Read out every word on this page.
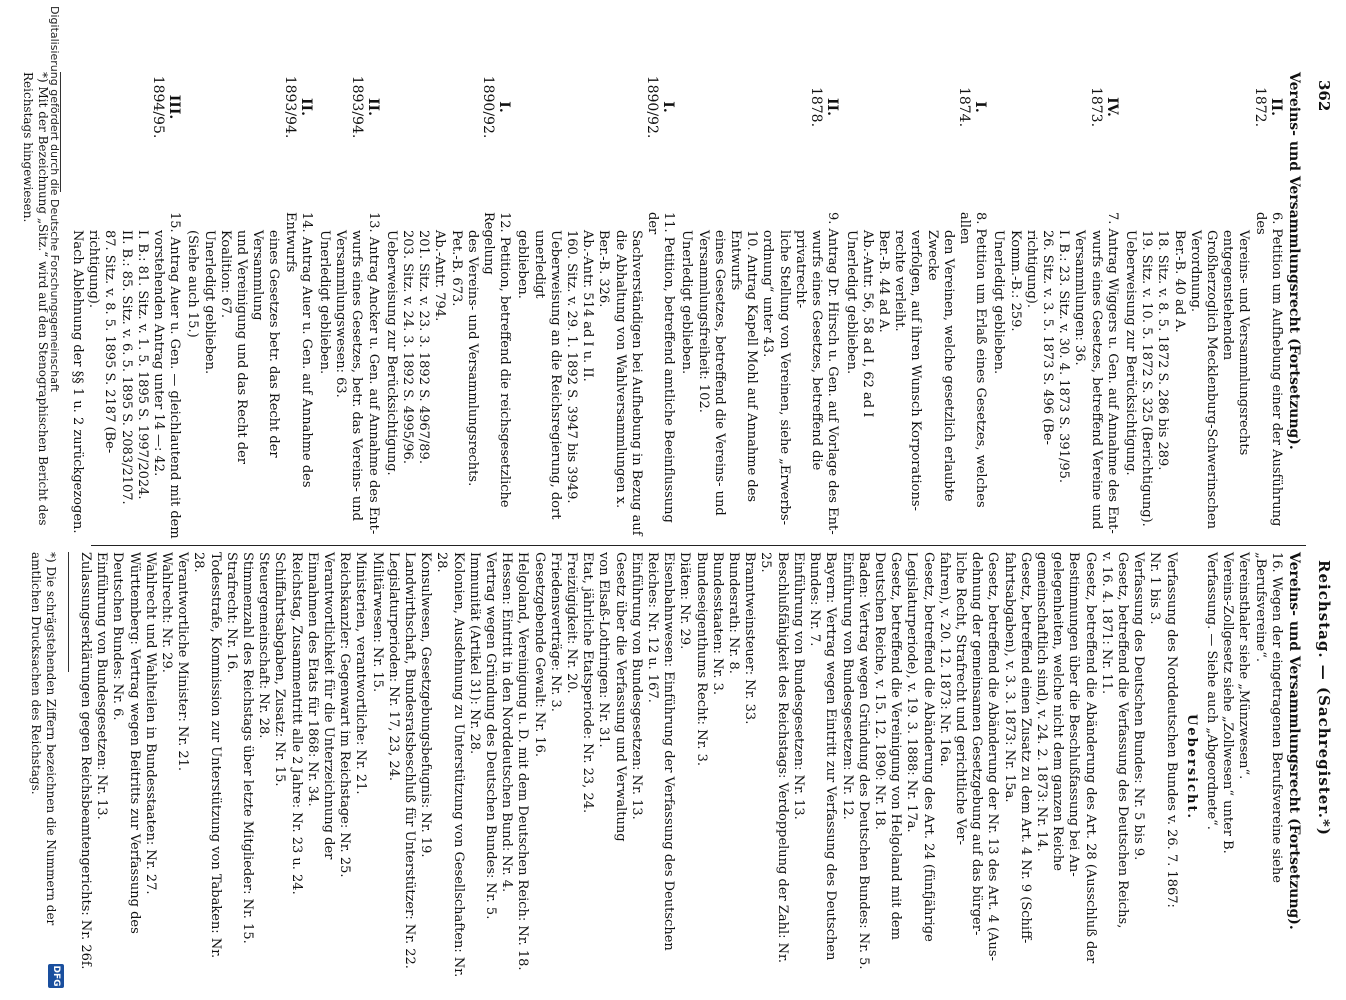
362
Reichstag. — (Sachregister.*)
Vereins- und Versammlungsrecht (Fortsetzung).
II.
1872.
6. Petition um Aufhebung einer der Ausführung des
Vereins- und Versammlungsrechts entgegenstehenden
Großherzoglich Mecklenburg-Schwerinschen
Verordnung.
Ber.-B. 40 ad A.
18. Sitz. v. 8. 5. 1872 S. 286 bis 289.
19. Sitz. v. 10. 5. 1872 S. 325 (Berichtigung).
Ueberweisung zur Berücksichtigung.
IV.
1873.
7. Antrag Wiggers u. Gen. auf Annahme des Ent-
wurfs eines Gesetzes, betreffend Vereine und
Versammlungen: 36.
I. B.: 23. Sitz. v. 30. 4. 1873 S. 391/95.
26. Sitz. v. 3. 5. 1873 S. 496 (Be-
richtigung).
Komm.-B.: 259.
Unerledigt geblieben.
I.
1874.
8. Petition um Erlaß eines Gesetzes, welches allen
den Vereinen, welche gesetzlich erlaubte Zwecke
verfolgen, auf ihren Wunsch Korporations-
rechte verleiht.
Ber.-B. 44 ad A.
Ab.-Antr. 56, 58 ad I, 62 ad I
Unerledigt geblieben.
II.
1878.
9. Antrag Dr. Hirsch u. Gen. auf Vorlage des Ent-
wurfs eines Gesetzes, betreffend die privatrecht-
liche Stellung von Vereinen, siehe „Erwerbs-
ordnung“ unter 43.
10. Antrag Kapell Mohl auf Annahme des Entwurfs
eines Gesetzes, betreffend die Vereins- und
Versammlungsfreiheit: 102.
Unerledigt geblieben.
I.
1890/92.
11. Petition, betreffend amtliche Beeinflussung der
Sachverständigen bei Aufhebung in Bezug auf
die Abhaltung von Wahlversammlungen x.
Ber.-B. 326.
Ab.-Antr. 514 ad I u. II.
160. Sitz. v. 29. 1. 1892 S. 3947 bis 3949.
Ueberweisung an die Reichsregierung, dort unerledigt
geblieben.
I.
1890/92.
12. Petition, betreffend die reichsgesetzliche Regelung
des Vereins- und Versammlungsrechts.
Pet.-B. 673.
Ab.-Antr. 794.
201. Sitz. v. 23. 3. 1892 S. 4967/89.
203. Sitz. v. 24. 3. 1892 S. 4995/96.
Ueberweisung zur Berücksichtigung.
II.
1893/94.
13. Antrag Ancker u. Gen. auf Annahme des Ent-
wurfs eines Gesetzes, betr. das Vereins- und
Versammlungswesen: 63.
Unerledigt geblieben.
II.
1893/94.
14. Antrag Auer u. Gen. auf Annahme des Entwurfs
eines Gesetzes betr. das Recht der Versammlung
und Vereinigung und das Recht der
Koalition: 67.
Unerledigt geblieben.
(Siehe auch 15.)
III.
1894/95.
15. Antrag Auer u. Gen. — gleichlautend mit dem
vorstehenden Antrag unter 14 —: 42.
I. B.: 81. Sitz. v. 1. 5. 1895 S. 1997/2024.
II. B.: 85. Sitz. v. 6. 5. 1895 S. 2083/2107.
87. Sitz. v. 8. 5. 1895 S. 2187 (Be-
richtigung).
Nach Ablehnung der §§ 1 u. 2 zurückgezogen.
*) Mit der Bezeichnung „Sitz.“ wird auf den Stenographischen Bericht des Reichstags hingewiesen.
Vereins- und Versammlungsrecht (Fortsetzung).
16. Wegen der eingetragenen Berufsvereine siehe
„Berufsvereine“.
Vereinsthaler siehe „Münzwesen“.
Vereins-Zollgesetz siehe „Zollwesen“ unter B.
Verfassung. — Siehe auch „Abgeordnete“.
Uebersicht.
Verfassung des Norddeutschen Bundes v. 26. 7. 1867:
Nr. 1 bis 3.
Verfassung des Deutschen Bundes: Nr. 5 bis 9.
Gesetz, betreffend die Verfassung des Deutschen Reichs,
v. 16. 4. 1871: Nr. 11.
Gesetz, betreffend die Abänderung des Art. 28 (Ausschluß der
Bestimmungen über die Beschlußfassung bei An-
gelegenheiten, welche nicht dem ganzen Reiche
gemeinschaftlich sind), v. 24. 2. 1873: Nr. 14.
Gesetz, betreffend einen Zusatz zu dem Art. 4 Nr. 9 (Schiff-
fahrtsabgaben), v. 3. 3. 1873: Nr. 15a.
Gesetz, betreffend die Abänderung der Nr. 13 des Art. 4 (Aus-
dehnung der gemeinsamen Gesetzgebung auf das bürger-
liche Recht, Strafrecht und gerichtliche Ver-
fahren), v. 20. 12. 1873: Nr. 16a.
Gesetz, betreffend die Abänderung des Art. 24 (fünfjährige
Legislaturperiode), v. 19. 3. 1888: Nr. 17a.
Gesetz, betreffend die Vereinigung von Helgoland mit dem
Deutschen Reiche, v. 15. 12. 1890: Nr. 18.
Baden: Vertrag wegen Gründung des Deutschen Bundes: Nr. 5.
Einführung von Bundesgesetzen: Nr. 12.
Bayern: Vertrag wegen Eintritt zur Verfassung des Deutschen
Bundes: Nr. 7.
Einführung von Bundesgesetzen: Nr. 13.
Beschlußfähigkeit des Reichstags: Verdoppelung der Zahl: Nr. 25.
Branntweinsteuer: Nr. 33.
Bundesrath: Nr. 8.
Bundesstaaten: Nr. 3.
Bundeseigenthums Recht: Nr. 3.
Diäten: Nr. 29.
Eisenbahnwesen: Einführung der Verfassung des Deutschen
Reiches: Nr. 12 u. 167.
Einführung von Bundesgesetzen: Nr. 13.
Gesetz über die Verfassung und Verwaltung
von Elsaß-Lothringen: Nr. 31.
Etat, jährliche Etatsperiode: Nr. 23, 24.
Freizügigkeit: Nr. 20.
Friedensverträge: Nr. 3.
Gesetzgebende Gewalt: Nr. 16.
Helgoland, Vereinigung u. D. mit dem Deutschen Reich: Nr. 18.
Hessen: Eintritt in den Norddeutschen Bund: Nr. 4.
Vertrag wegen Gründung des Deutschen Bundes: Nr. 5.
Immunität (Artikel 31): Nr. 28.
Kolonien, Ausdehnung zu Unterstützung von Gesellschaften: Nr. 28.
Konsulwesen, Gesetzgebungsbefugnis: Nr. 19.
Landwirthschaft, Bundesratsbeschluß für Unterstützer: Nr. 22.
Legislaturperioden: Nr. 17, 23, 24.
Militärwesen: Nr. 15.
Ministerien, verantwortliche: Nr. 21.
Reichskanzler: Gegenwart im Reichstage: Nr. 25.
Verantwortlichkeit für die Unterzeichnung der
Einnahmen des Etats für 1868: Nr. 34.
Reichstag, Zusammentritt alle 2 Jahre: Nr. 23 u. 24.
Schiffahrtsabgaben, Zusatz: Nr. 15.
Steuergemeinschaft: Nr. 28.
Stimmenzahl des Reichstags über letzte Mitglieder: Nr. 15.
Strafrecht: Nr. 16.
Todesstrafe, Kommission zur Unterstützung von Tabaken: Nr. 28.
Verantwortliche Minister: Nr. 21.
Wahlrecht: Nr. 29.
Wahlrecht und Wahlteilen in Bundesstaaten: Nr. 27.
Württemberg: Vertrag wegen Beitritts zur Verfassung des
Deutschen Bundes: Nr. 6.
Einführung von Bundesgesetzen: Nr. 13.
Zulassungserklärungen gegen Reichsbeamtengerichts: Nr. 26f.
*) Die schrägstehenden Ziffern bezeichnen die Nummern der amtlichen Drucksachen des Reichstags.
Digitalisierung gefördert durch die Deutsche Forschungsgemeinschaft
DFG
